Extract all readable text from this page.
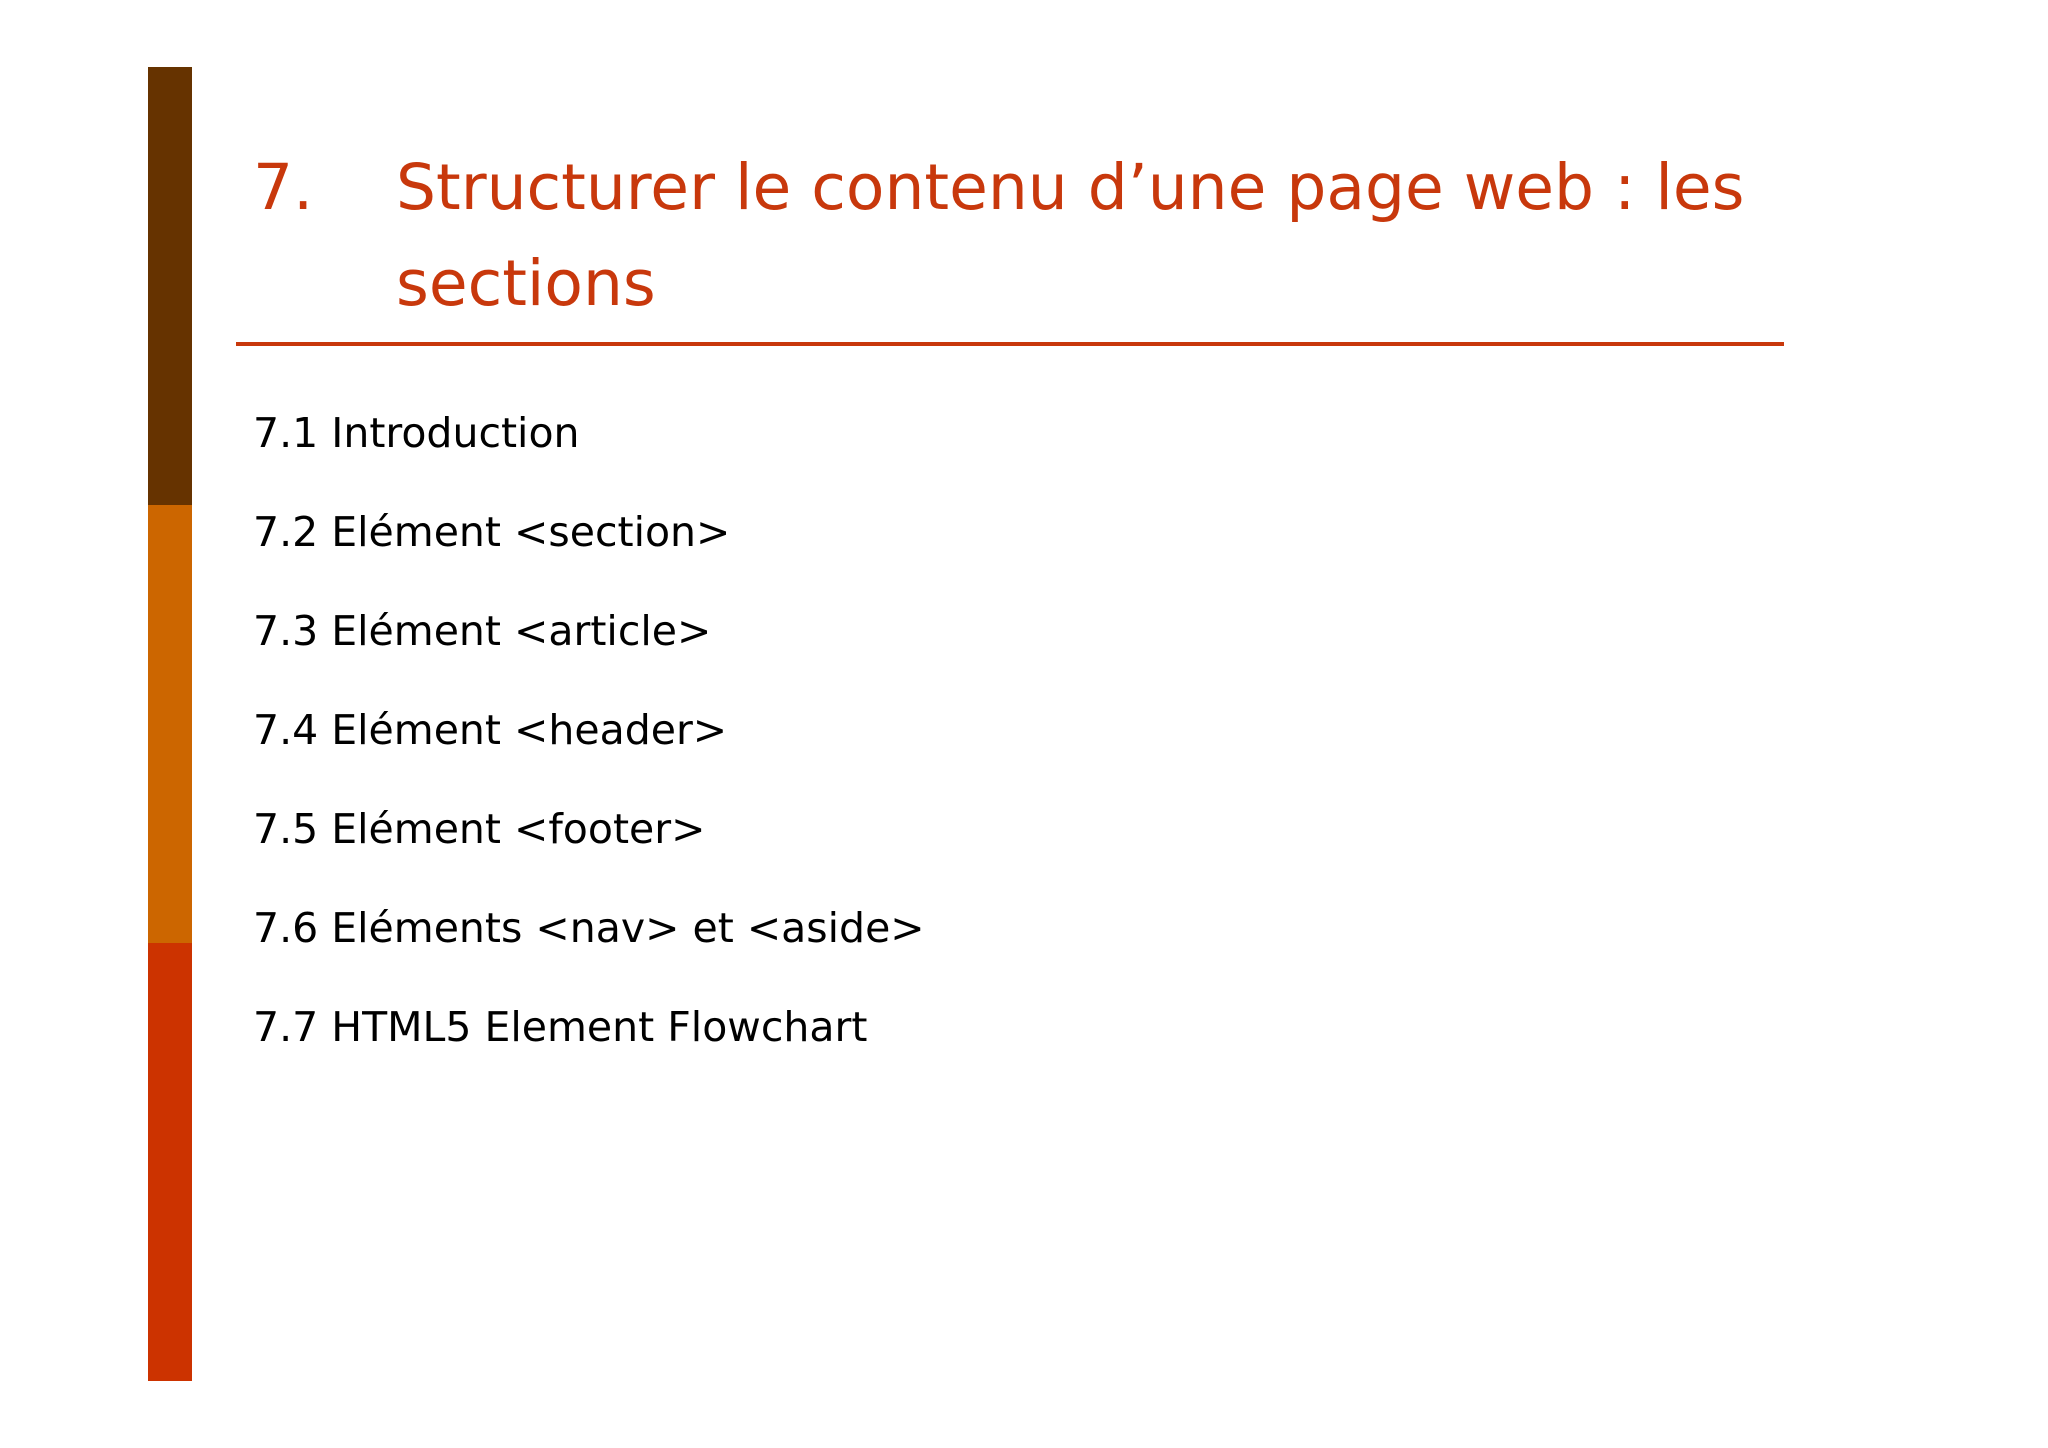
7. Structurer le contenu d’une page web : les sections
7.1 Introduction
7.2 Elément <section>
7.3 Elément <article>
7.4 Elément <header>
7.5 Elément <footer>
7.6 Eléments <nav> et <aside>
7.7 HTML5 Element Flowchart
